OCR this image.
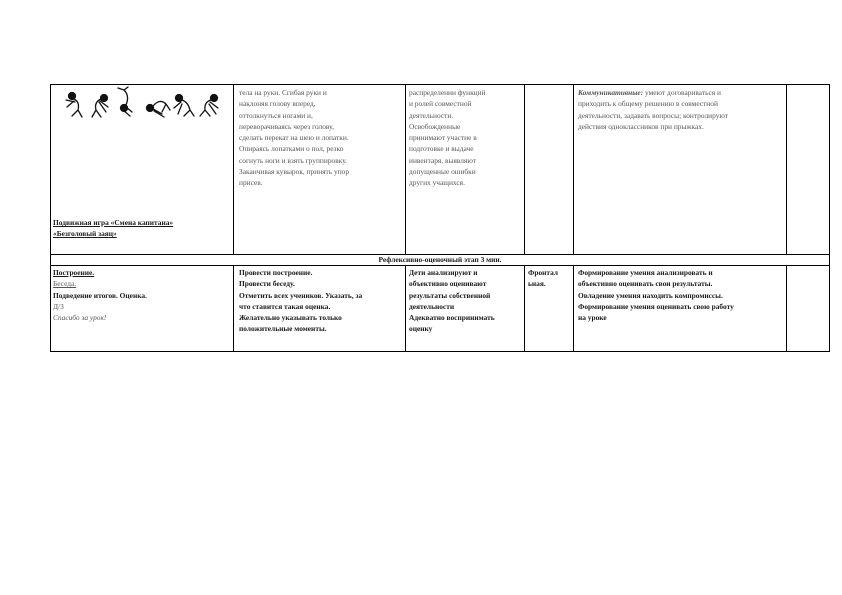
Подвижная игра «Смена капитана»
«Безголовый заяц»
тела на руки. Сгибая руки и
наклоняя голову вперед,
оттолкнуться ногами и,
переворачиваясь через голову,
сделать перекат на шею и лопатки.
Опираясь лопатками о пол, резко
согнуть ноги и взять группировку.
Заканчивая кувырок, принять упор
присев.
распределении функций
и ролей совместной
деятельности.
Освобожденные
принимают участие в
подготовке и выдаче
инвентаря, выявляют
допущенные ошибки
других учащихся.
Коммуникативные: умеют договариваться и
приходить к общему решению в совместной
деятельности, задавать вопросы; контролируют
действия одноклассников при прыжках.
Рефлексивно-оценочный этап 3 мин.
Построение.
Беседа.
Подведение итогов. Оценка.
Д/З
Спасибо за урок!
Провести построение.
Провести беседу.
Отметить всех учеников. Указать, за
что ставится такая оценка.
Желательно указывать только
положительные моменты.
Дети анализируют и
объективно оценивают
результаты собственной
деятельности
Адекватно воспринимать
оценку
Фронтал
ьная.
Формирование умения анализировать и
объективно оценивать свои результаты.
Овладение умения находить компромиссы.
Формирование умения оценивать свою работу
на уроке
